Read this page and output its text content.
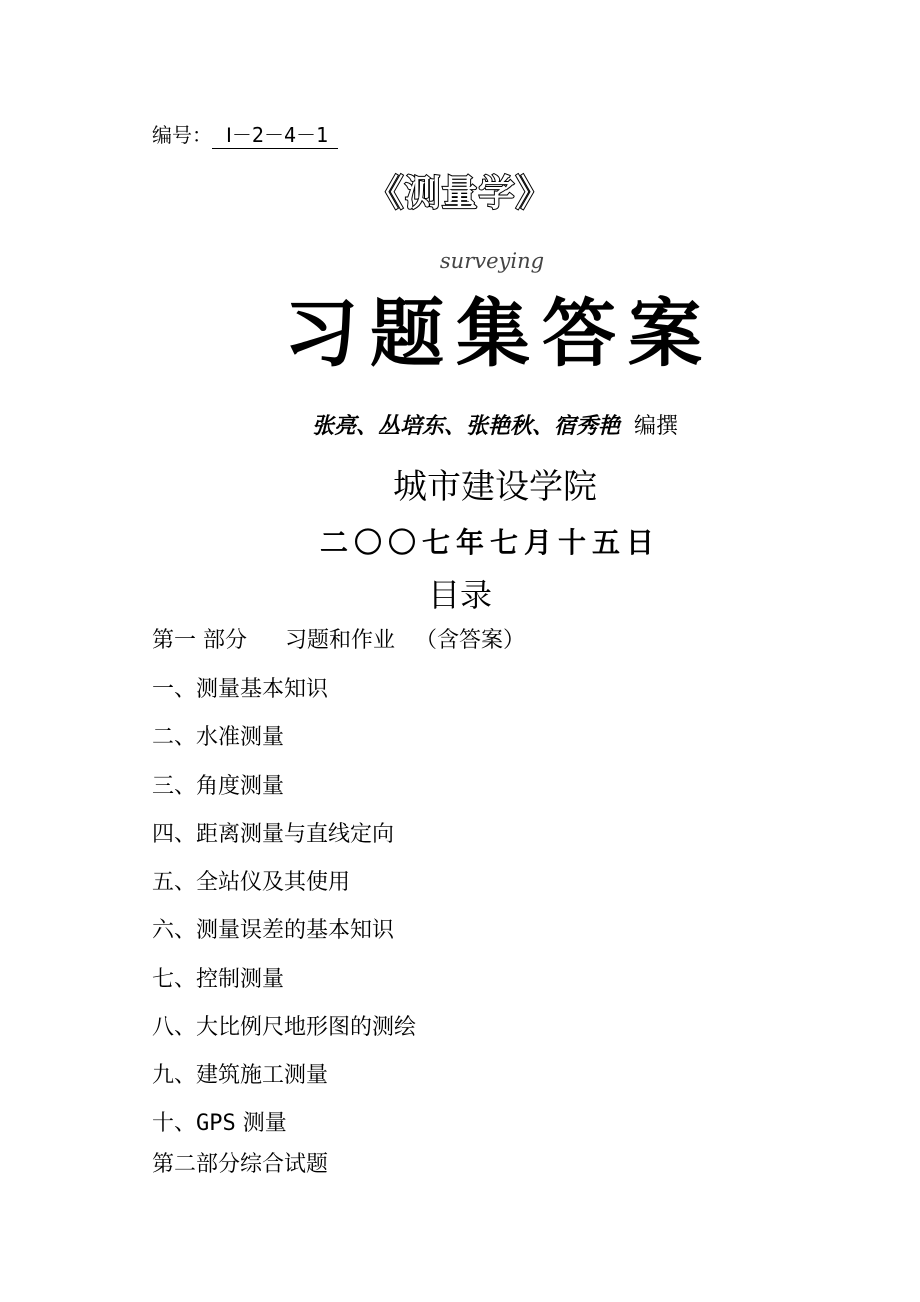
编号： Ⅰ－2－4－1
《测量学》
surveying
习题集答案
张亮、丛培东、张艳秋、宿秀艳 编撰
城市建设学院
二〇〇七年七月十五日
目录
第一 部分 习题和作业 （含答案）
一、测量基本知识
二、水准测量
三、角度测量
四、距离测量与直线定向
五、全站仪及其使用
六、测量误差的基本知识
七、控制测量
八、大比例尺地形图的测绘
九、建筑施工测量
十、GPS 测量
第二部分综合试题
